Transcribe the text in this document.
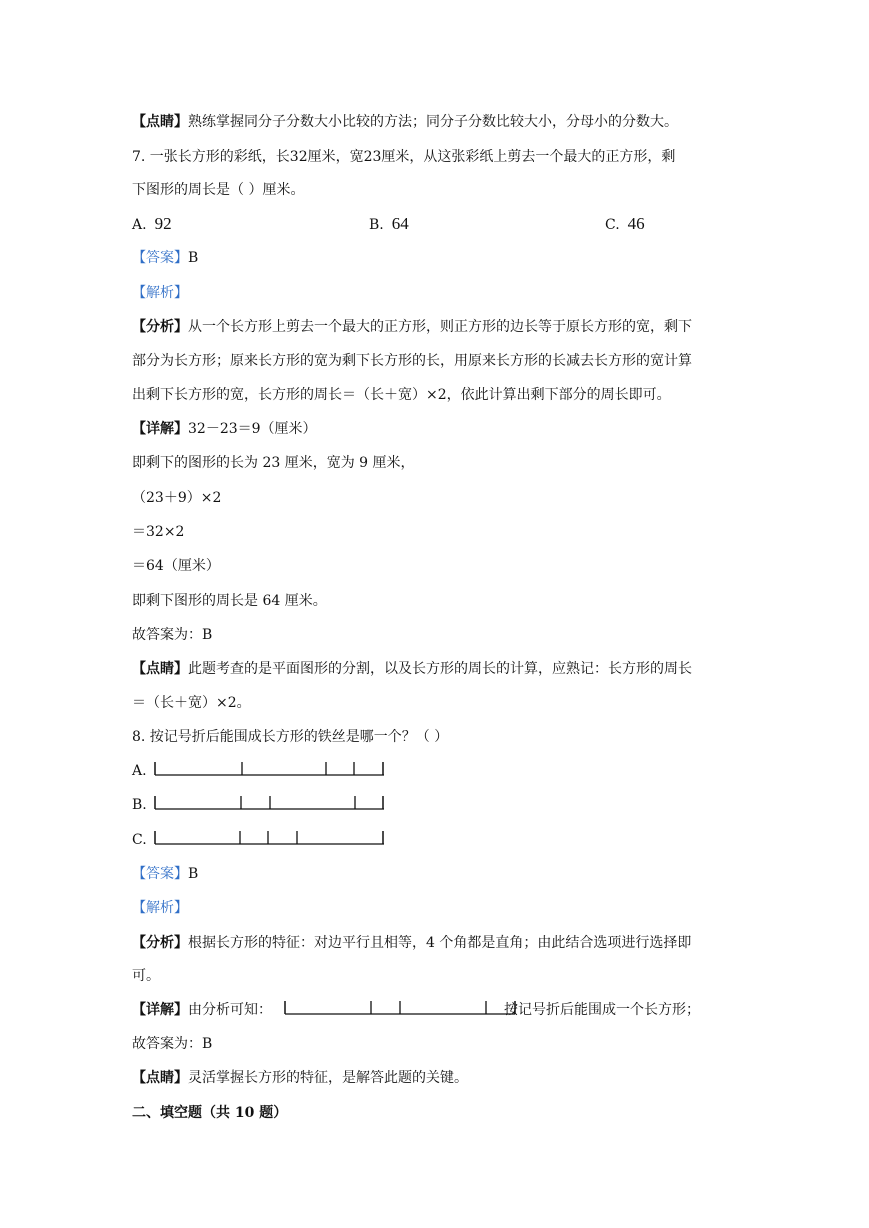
【点睛】熟练掌握同分子分数大小比较的方法；同分子分数比较大小，分母小的分数大。
7. 一张长方形的彩纸，长32厘米，宽23厘米，从这张彩纸上剪去一个最大的正方形，剩
下图形的周长是（ ）厘米。
A. 92	B. 64	C. 46
【答案】B
【解析】
【分析】从一个长方形上剪去一个最大的正方形，则正方形的边长等于原长方形的宽，剩下
部分为长方形；原来长方形的宽为剩下长方形的长，用原来长方形的长减去长方形的宽计算
出剩下长方形的宽，长方形的周长＝（长＋宽）×2，依此计算出剩下部分的周长即可。
【详解】32－23＝9（厘米）
即剩下的图形的长为 23 厘米，宽为 9 厘米，
（23＋9）×2
＝32×2
＝64（厘米）
即剩下图形的周长是 64 厘米。
故答案为：B
【点睛】此题考查的是平面图形的分割，以及长方形的周长的计算，应熟记：长方形的周长
＝（长＋宽）×2。
8. 按记号折后能围成长方形的铁丝是哪一个？（ ）
A.
B.
C.
【答案】B
【解析】
【分析】根据长方形的特征：对边平行且相等，4 个角都是直角；由此结合选项进行选择即
可。
【详解】由分析可知：	按记号折后能围成一个长方形；
故答案为：B
【点睛】灵活掌握长方形的特征，是解答此题的关键。
二、填空题（共 10 题）
